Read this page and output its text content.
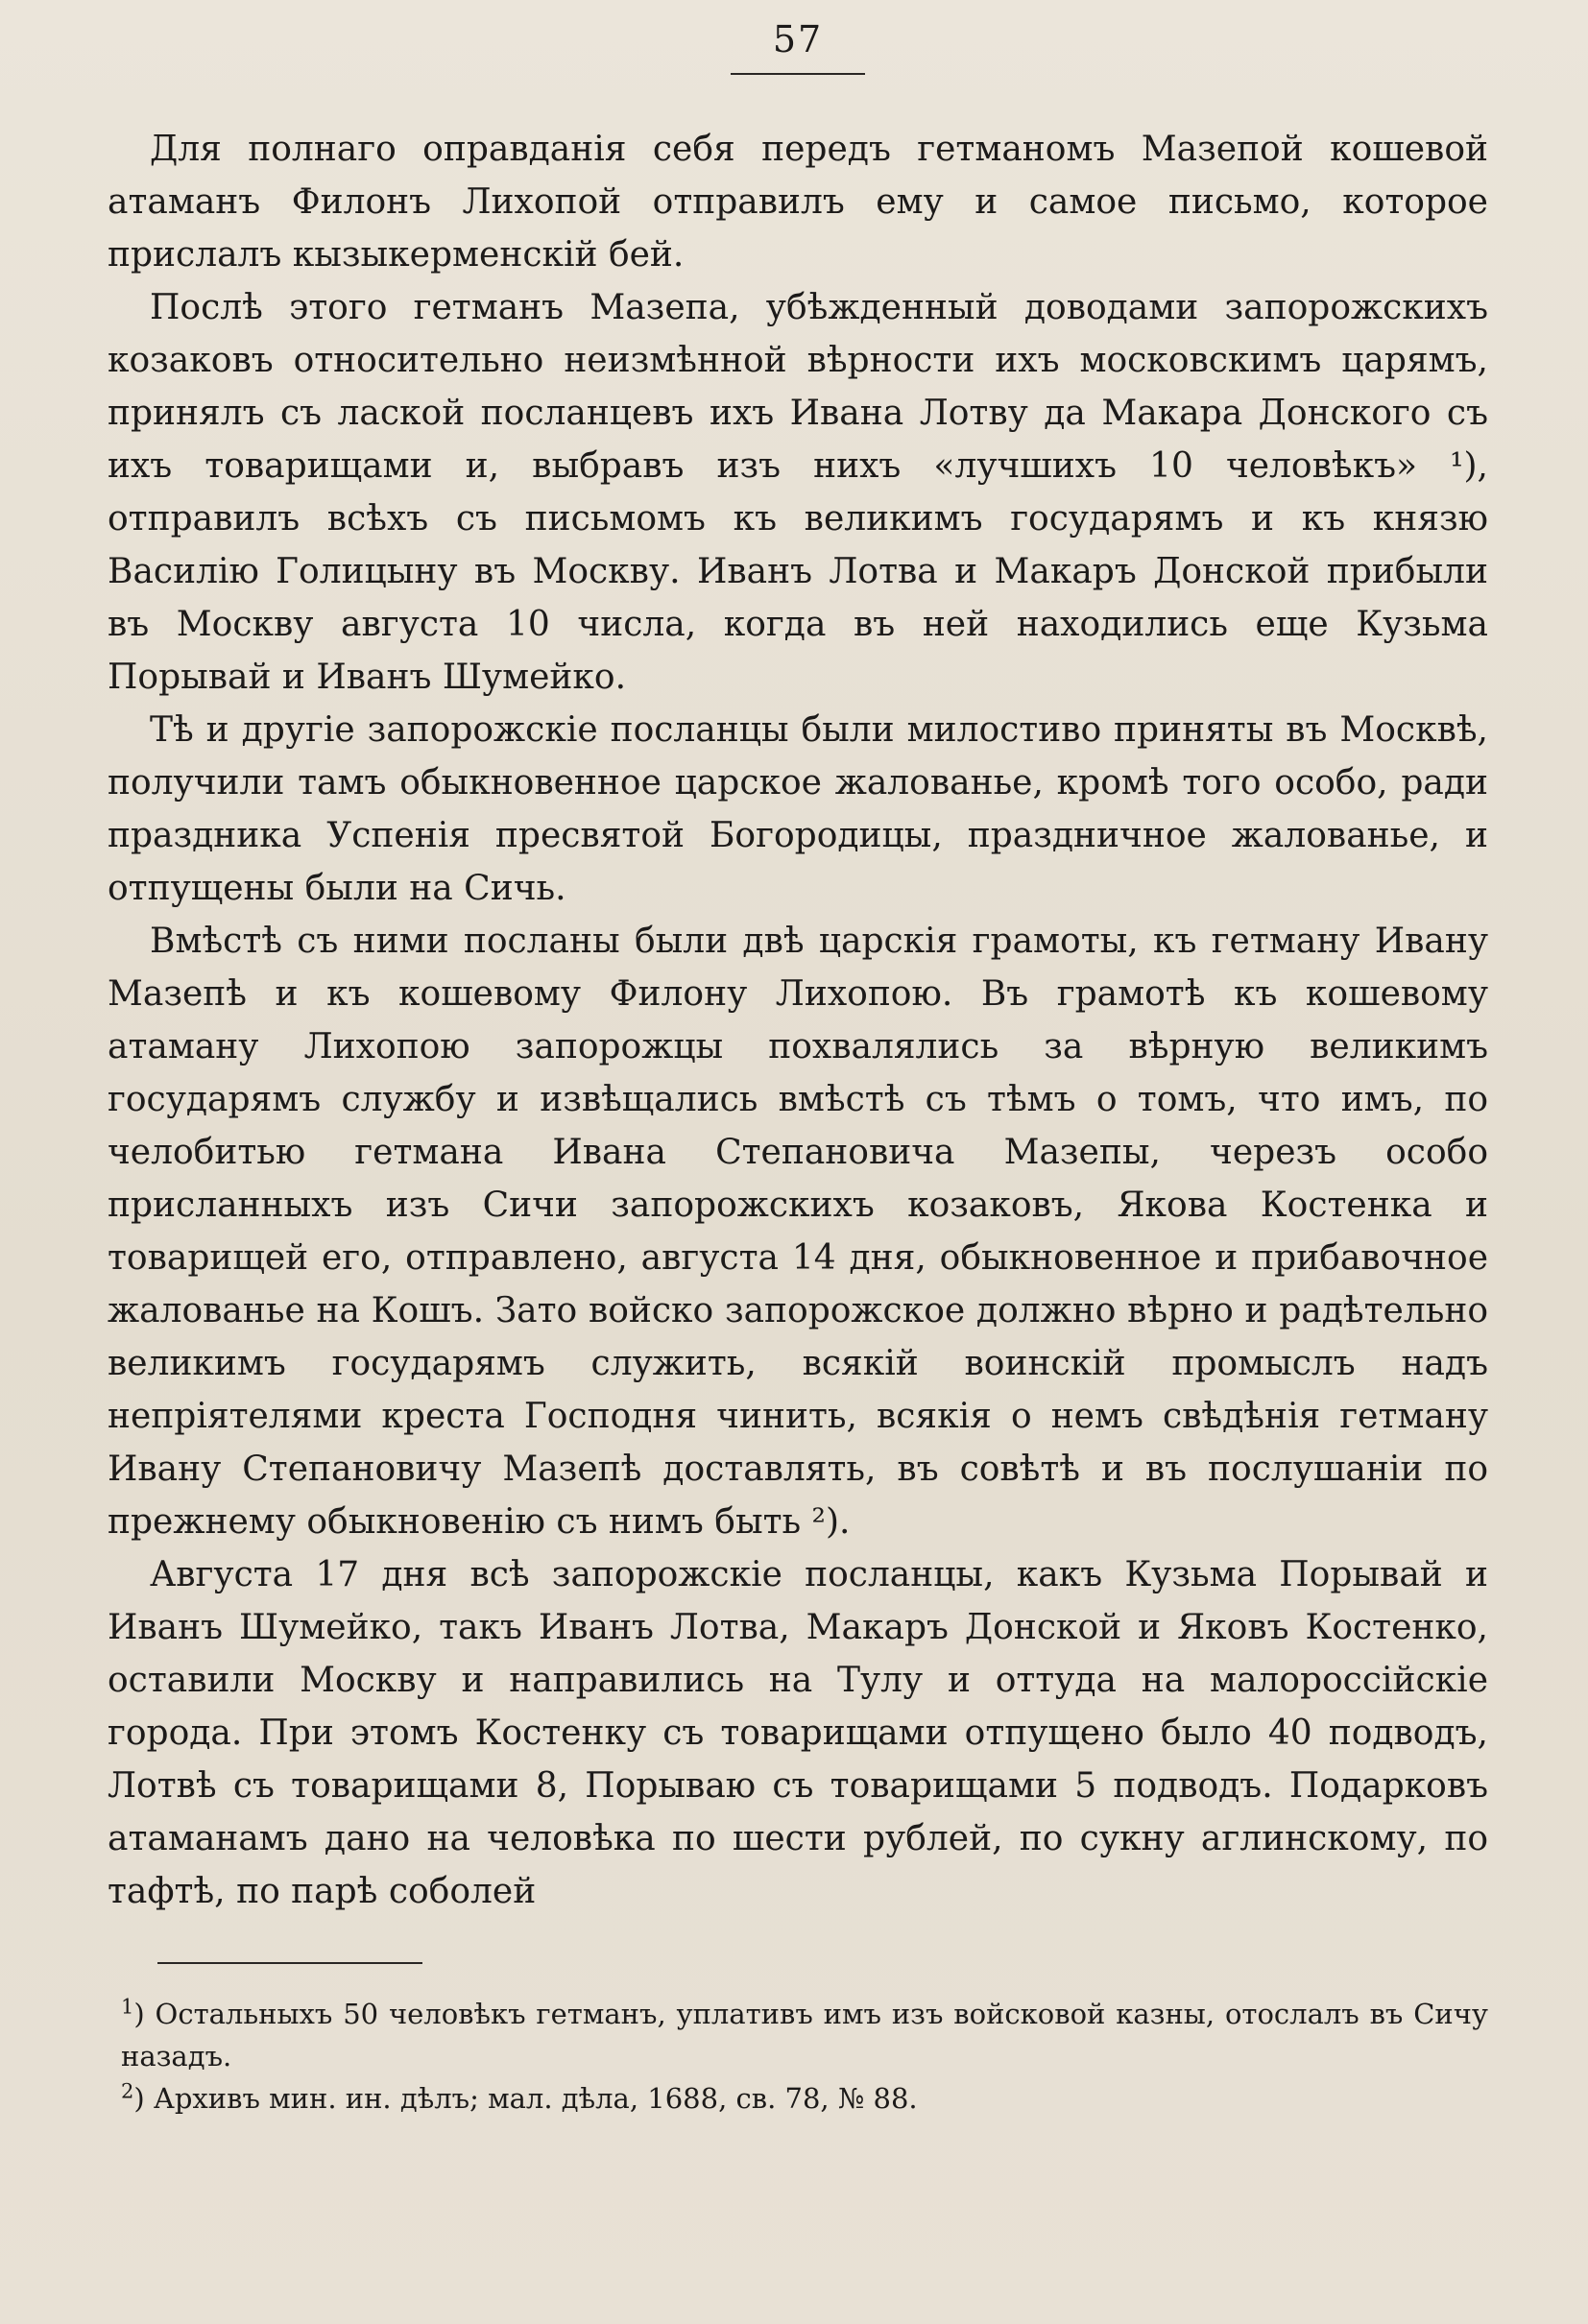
57

Для полнаго оправданія себя передъ гетманомъ Мазепой кошевой атаманъ Филонъ Лихопой отправилъ ему и самое письмо, которое прислалъ кызыкерменскій бей.

Послѣ этого гетманъ Мазепа, убѣжденный доводами запорожскихъ козаковъ относительно неизмѣнной вѣрности ихъ московскимъ царямъ, принялъ съ лаской посланцевъ ихъ Ивана Лотву да Макара Донского съ ихъ товарищами и, выбравъ изъ нихъ «лучшихъ 10 человѣкъ» ¹), отправилъ всѣхъ съ письмомъ къ великимъ государямъ и къ князю Василію Голицыну въ Москву. Иванъ Лотва и Макаръ Донской прибыли въ Москву августа 10 числа, когда въ ней находились еще Кузьма Порывай и Иванъ Шумейко.

Тѣ и другіе запорожскіе посланцы были милостиво приняты въ Москвѣ, получили тамъ обыкновенное царское жалованье, кромѣ того особо, ради праздника Успенія пресвятой Богородицы, праздничное жалованье, и отпущены были на Сичь.

Вмѣстѣ съ ними посланы были двѣ царскія грамоты, къ гетману Ивану Мазепѣ и къ кошевому Филону Лихопою. Въ грамотѣ къ кошевому атаману Лихопою запорожцы похвалялись за вѣрную великимъ государямъ службу и извѣщались вмѣстѣ съ тѣмъ о томъ, что имъ, по челобитью гетмана Ивана Степановича Мазепы, черезъ особо присланныхъ изъ Сичи запорожскихъ козаковъ, Якова Костенка и товарищей его, отправлено, августа 14 дня, обыкновенное и прибавочное жалованье на Кошъ. Зато войско запорожское должно вѣрно и радѣтельно великимъ государямъ служить, всякій воинскій промыслъ надъ непріятелями креста Господня чинить, всякія о немъ свѣдѣнія гетману Ивану Степановичу Мазепѣ доставлять, въ совѣтѣ и въ послушаніи по прежнему обыкновенію съ нимъ быть ²).

Августа 17 дня всѣ запорожскіе посланцы, какъ Кузьма Порывай и Иванъ Шумейко, такъ Иванъ Лотва, Макаръ Донской и Яковъ Костенко, оставили Москву и направились на Тулу и оттуда на малороссійскіе города. При этомъ Костенку съ товарищами отпущено было 40 подводъ, Лотвѣ съ товарищами 8, Порываю съ товарищами 5 подводъ. Подарковъ атаманамъ дано на человѣка по шести рублей, по сукну аглинскому, по тафтѣ, по парѣ соболей

$^1$) Остальныхъ 50 человѣкъ гетманъ, уплативъ имъ изъ войсковой казны, отослалъ въ Сичу назадъ.

$^2$) Архивъ мин. ин. дѣлъ; мал. дѣла, 1688, св. 78, № 88.
